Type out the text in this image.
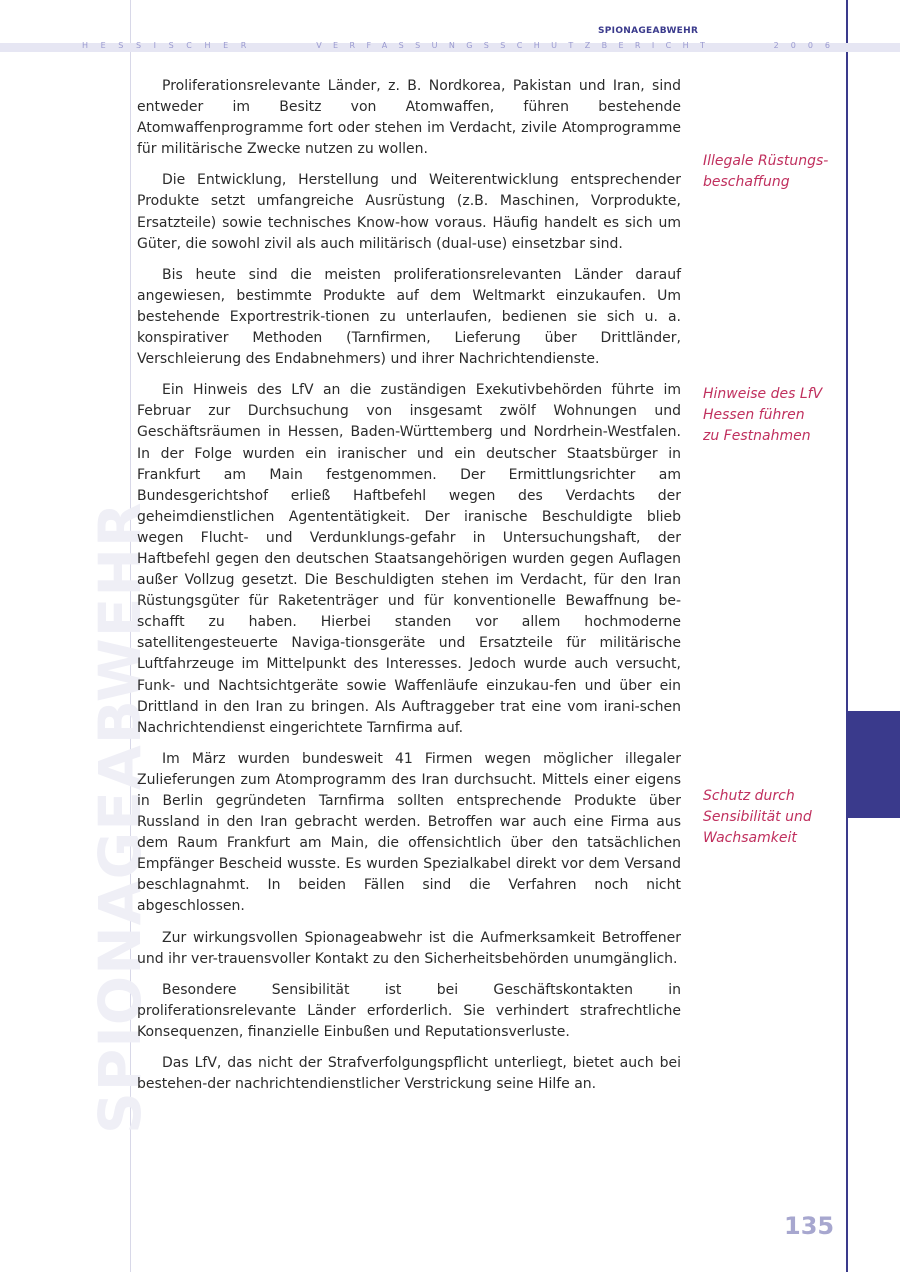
SPIONAGEABWEHR
HESSISCHER	VERFASSUNGSSCHUTZBERICHT	2006
SPIONAGEABWEHR

Proliferationsrelevante Länder, z. B. Nordkorea, Pakistan und Iran, sind entweder im Besitz von Atomwaffen, führen bestehende Atomwaffenprogramme fort oder stehen im Verdacht, zivile Atomprogramme für militärische Zwecke nutzen zu wollen.

Die Entwicklung, Herstellung und Weiterentwicklung entsprechender Produkte setzt umfangreiche Ausrüstung (z.B. Maschinen, Vorprodukte, Ersatzteile) sowie technisches Know-how voraus. Häufig handelt es sich um Güter, die sowohl zivil als auch militärisch (dual-use) einsetzbar sind.

Bis heute sind die meisten proliferationsrelevanten Länder darauf angewiesen, bestimmte Produkte auf dem Weltmarkt einzukaufen. Um bestehende Exportrestrik-tionen zu unterlaufen, bedienen sie sich u. a. konspirativer Methoden (Tarnfirmen, Lieferung über Drittländer, Verschleierung des Endabnehmers) und ihrer Nachrichtendienste.

Ein Hinweis des LfV an die zuständigen Exekutivbehörden führte im Februar zur Durchsuchung von insgesamt zwölf Wohnungen und Geschäftsräumen in Hessen, Baden-Württemberg und Nordrhein-Westfalen. In der Folge wurden ein iranischer und ein deutscher Staatsbürger in Frankfurt am Main festgenommen. Der Ermittlungsrichter am Bundesgerichtshof erließ Haftbefehl wegen des Verdachts der geheimdienstlichen Agententätigkeit. Der iranische Beschuldigte blieb wegen Flucht- und Verdunklungs-gefahr in Untersuchungshaft, der Haftbefehl gegen den deutschen Staatsangehörigen wurden gegen Auflagen außer Vollzug gesetzt. Die Beschuldigten stehen im Verdacht, für den Iran Rüstungsgüter für Raketenträger und für konventionelle Bewaffnung be-schafft zu haben. Hierbei standen vor allem hochmoderne satellitengesteuerte Naviga-tionsgeräte und Ersatzteile für militärische Luftfahrzeuge im Mittelpunkt des Interesses. Jedoch wurde auch versucht, Funk- und Nachtsichtgeräte sowie Waffenläufe einzukau-fen und über ein Drittland in den Iran zu bringen. Als Auftraggeber trat eine vom irani-schen Nachrichtendienst eingerichtete Tarnfirma auf.

Im März wurden bundesweit 41 Firmen wegen möglicher illegaler Zulieferungen zum Atomprogramm des Iran durchsucht. Mittels einer eigens in Berlin gegründeten Tarnfirma sollten entsprechende Produkte über Russland in den Iran gebracht werden. Betroffen war auch eine Firma aus dem Raum Frankfurt am Main, die offensichtlich über den tatsächlichen Empfänger Bescheid wusste. Es wurden Spezialkabel direkt vor dem Versand beschlagnahmt. In beiden Fällen sind die Verfahren noch nicht abgeschlossen.

Zur wirkungsvollen Spionageabwehr ist die Aufmerksamkeit Betroffener und ihr ver-trauensvoller Kontakt zu den Sicherheitsbehörden unumgänglich.

Besondere Sensibilität ist bei Geschäftskontakten in proliferationsrelevante Länder erforderlich. Sie verhindert strafrechtliche Konsequenzen, finanzielle Einbußen und Reputationsverluste.

Das LfV, das nicht der Strafverfolgungspflicht unterliegt, bietet auch bei bestehen-der nachrichtendienstlicher Verstrickung seine Hilfe an.

Illegale Rüstungs-
beschaffung
Hinweise des LfV
Hessen führen
zu Festnahmen
Schutz durch
Sensibilität und
Wachsamkeit
135
